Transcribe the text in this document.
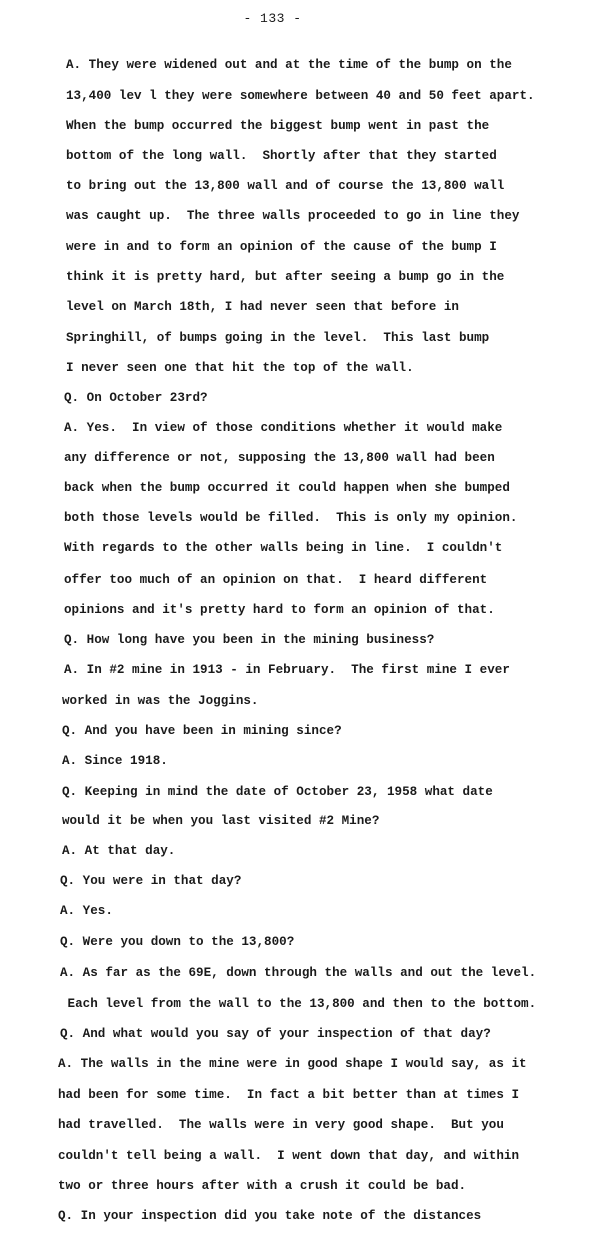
- 133 -
A. They were widened out and at the time of the bump on the
13,400 lev l they were somewhere between 40 and 50 feet apart.
When the bump occurred the biggest bump went in past the
bottom of the long wall.  Shortly after that they started
to bring out the 13,800 wall and of course the 13,800 wall
was caught up.  The three walls proceeded to go in line they
were in and to form an opinion of the cause of the bump I
think it is pretty hard, but after seeing a bump go in the
level on March 18th, I had never seen that before in
Springhill, of bumps going in the level.  This last bump
I never seen one that hit the top of the wall.
Q. On October 23rd?
A. Yes.  In view of those conditions whether it would make
any difference or not, supposing the 13,800 wall had been
back when the bump occurred it could happen when she bumped
both those levels would be filled.  This is only my opinion.
With regards to the other walls being in line.  I couldn't
offer too much of an opinion on that.  I heard different
opinions and it's pretty hard to form an opinion of that.
Q. How long have you been in the mining business?
A. In #2 mine in 1913 - in February.  The first mine I ever
worked in was the Joggins.
Q. And you have been in mining since?
A. Since 1918.
Q. Keeping in mind the date of October 23, 1958 what date
would it be when you last visited #2 Mine?
A. At that day.
Q. You were in that day?
A. Yes.
Q. Were you down to the 13,800?
A. As far as the 69E, down through the walls and out the level.
Each level from the wall to the 13,800 and then to the bottom.
Q. And what would you say of your inspection of that day?
A. The walls in the mine were in good shape I would say, as it
had been for some time.  In fact a bit better than at times I
had travelled.  The walls were in very good shape.  But you
couldn't tell being a wall.  I went down that day, and within
two or three hours after with a crush it could be bad.
Q. In your inspection did you take note of the distances
